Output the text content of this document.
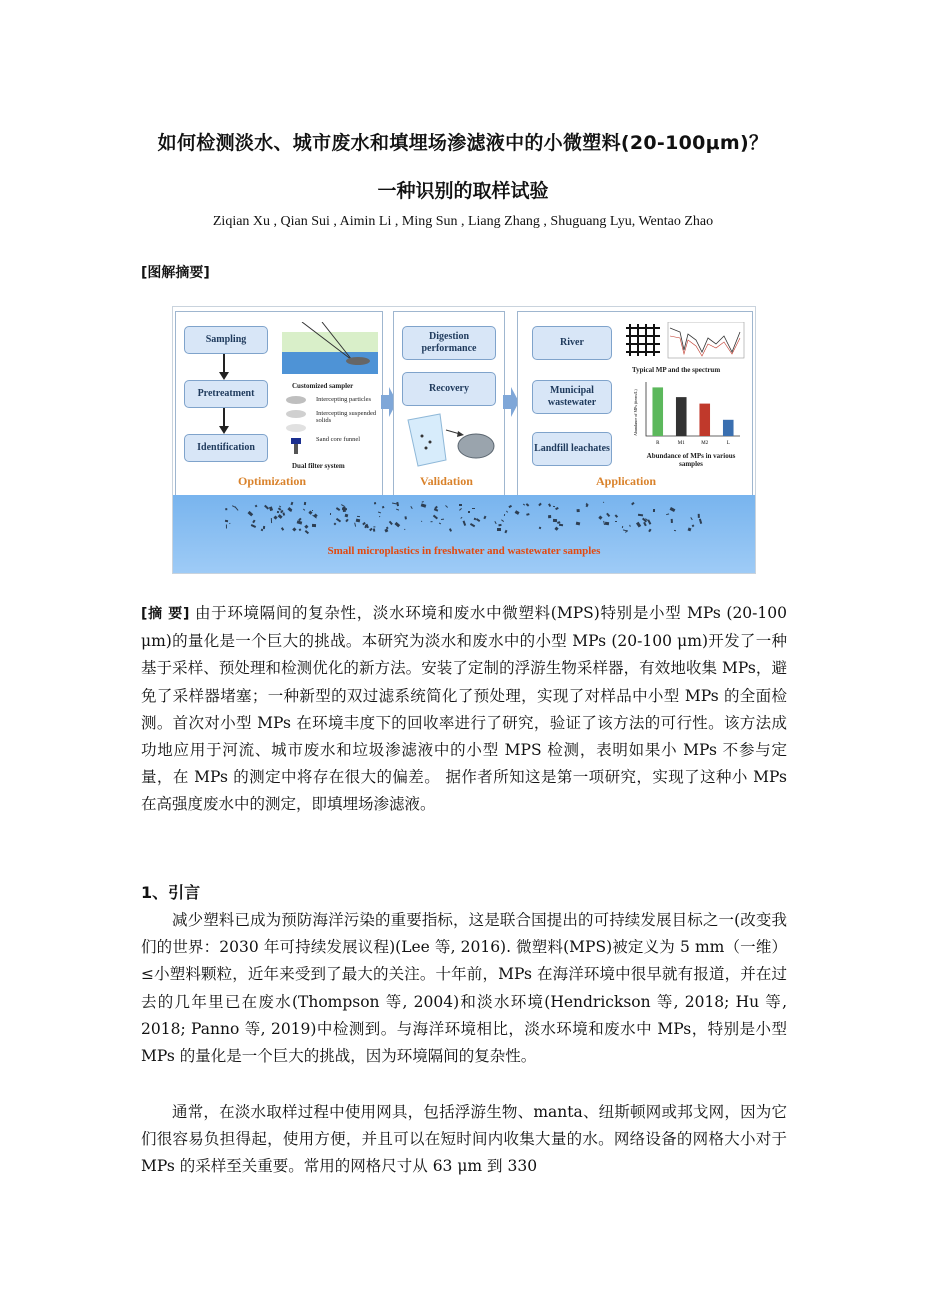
如何检测淡水、城市废水和填埋场渗滤液中的小微塑料(20-100μm)？
一种识别的取样试验
Ziqian Xu , Qian Sui , Aimin Li , Ming Sun , Liang Zhang , Shuguang Lyu, Wentao Zhao
[图解摘要]
Sampling
Pretreatment
Identification
Customized sampler
Intercepting particles
Intercepting suspended solids
Sand core funnel
Dual filter system
Optimization
Digestion performance
Recovery
Validation
River
Municipal wastewater
Landfill leachates
Typical MP and the spectrum
Abundance of MPs (items/L)
R	M1	M2	L
Abundance of MPs in various samples
Application
Small microplastics in freshwater and wastewater samples
[摘 要] 由于环境隔间的复杂性，淡水环境和废水中微塑料(MPS)特别是小型 MPs (20-100 μm)的量化是一个巨大的挑战。本研究为淡水和废水中的小型 MPs (20-100 μm)开发了一种基于采样、预处理和检测优化的新方法。安装了定制的浮游生物采样器，有效地收集 MPs，避免了采样器堵塞；一种新型的双过滤系统简化了预处理，实现了对样品中小型 MPs 的全面检测。首次对小型 MPs 在环境丰度下的回收率进行了研究，验证了该方法的可行性。该方法成功地应用于河流、城市废水和垃圾渗滤液中的小型 MPS 检测，表明如果小 MPs 不参与定量，在 MPs 的测定中将存在很大的偏差。 据作者所知这是第一项研究，实现了这种小 MPs 在高强度废水中的测定，即填埋场渗滤液。
1、引言
减少塑料已成为预防海洋污染的重要指标，这是联合国提出的可持续发展目标之一(改变我们的世界：2030 年可持续发展议程)(Lee 等, 2016). 微塑料(MPS)被定义为 5 mm（一维）≤小塑料颗粒，近年来受到了最大的关注。十年前，MPs 在海洋环境中很早就有报道，并在过去的几年里已在废水(Thompson 等, 2004)和淡水环境(Hendrickson 等, 2018; Hu 等, 2018; Panno 等, 2019)中检测到。与海洋环境相比，淡水环境和废水中 MPs，特别是小型 MPs 的量化是一个巨大的挑战，因为环境隔间的复杂性。
通常，在淡水取样过程中使用网具，包括浮游生物、manta、纽斯顿网或邦戈网，因为它们很容易负担得起，使用方便，并且可以在短时间内收集大量的水。网络设备的网格大小对于 MPs 的采样至关重要。常用的网格尺寸从 63 μm 到 330
